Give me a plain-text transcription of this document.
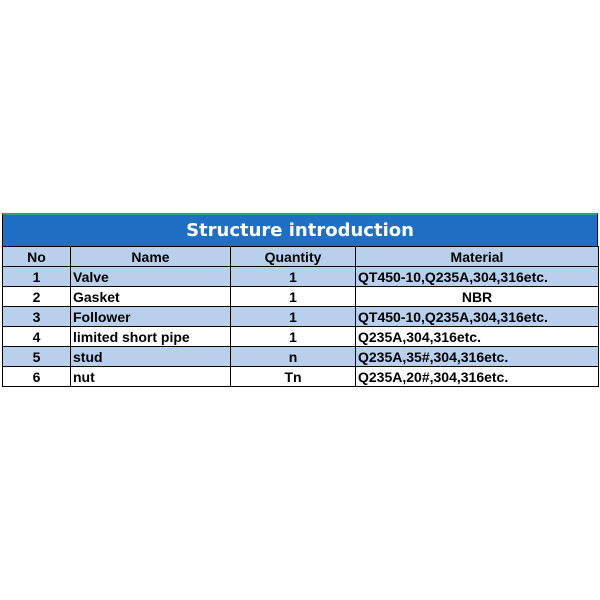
Structure introduction
No	Name	Quantity	Material
1	Valve	1	QT450-10,Q235A,304,316etc.
2	Gasket	1	NBR
3	Follower	1	QT450-10,Q235A,304,316etc.
4	limited short pipe	1	Q235A,304,316etc.
5	stud	n	Q235A,35#,304,316etc.
6	nut	Tn	Q235A,20#,304,316etc.
